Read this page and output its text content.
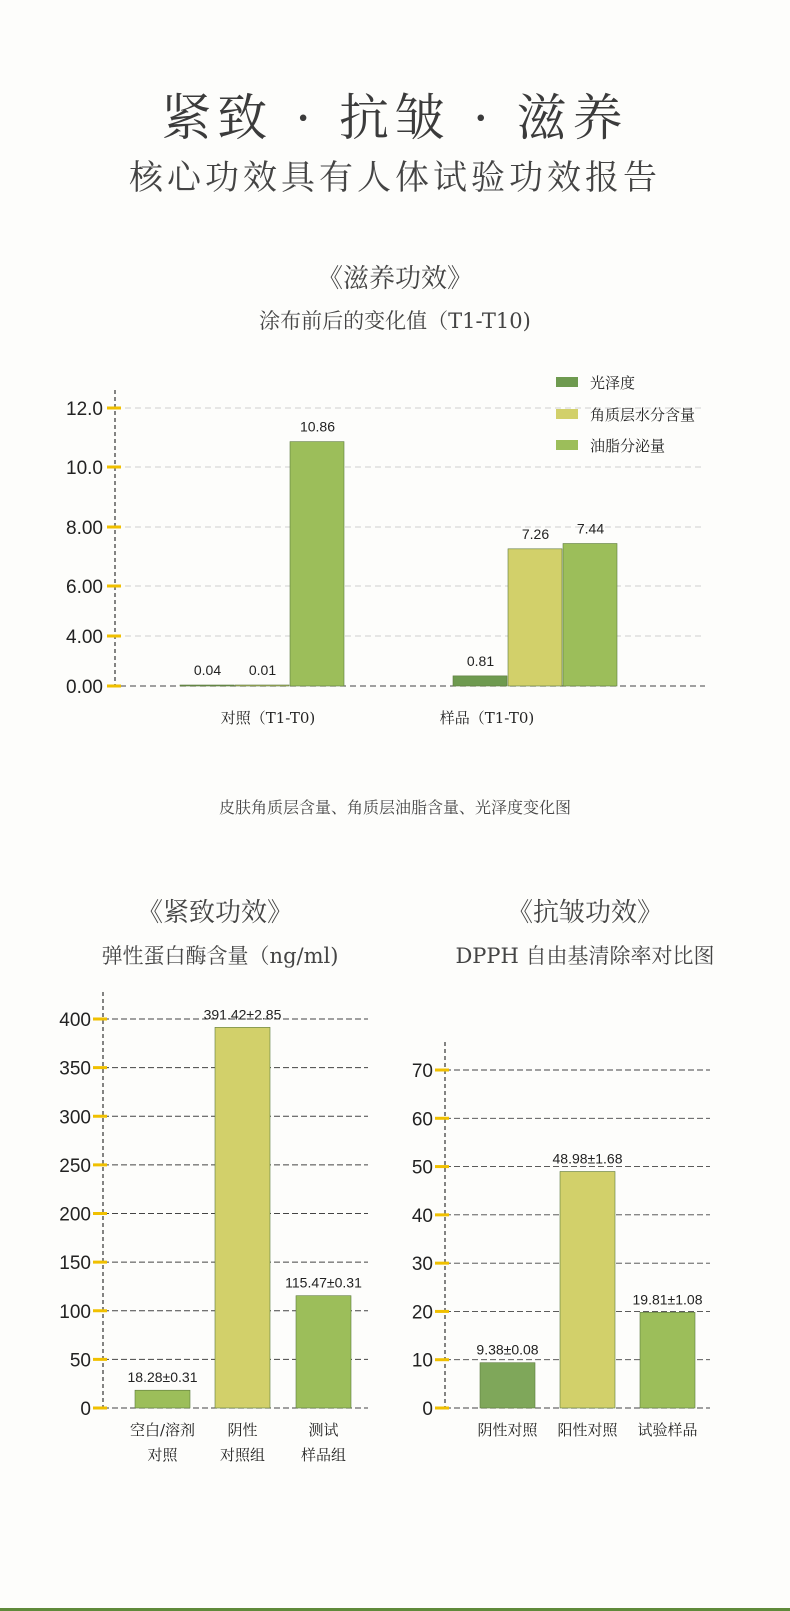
紧致 · 抗皱 · 滋养
核心功效具有人体试验功效报告
《滋养功效》
涂布前后的变化值（T1-T10)
0.00
4.00
6.00
8.00
10.0
12.0
0.04
0.81
0.01
7.26
10.86
7.44
对照（T1-T0)	样品（T1-T0)
光泽度
角质层水分含量
油脂分泌量
皮肤角质层含量、角质层油脂含量、光泽度变化图
《紧致功效》
弹性蛋白酶含量（ng/ml)
《抗皱功效》
DPPH 自由基清除率对比图
0
50
100
150
200
250
300
350
400
18.28±0.31
空白/溶剂
对照
391.42±2.85
阴性
对照组
115.47±0.31
测试
样品组
0
10
20
30
40
50
60
70
9.38±0.08
阴性对照
48.98±1.68
阳性对照
19.81±1.08
试验样品
